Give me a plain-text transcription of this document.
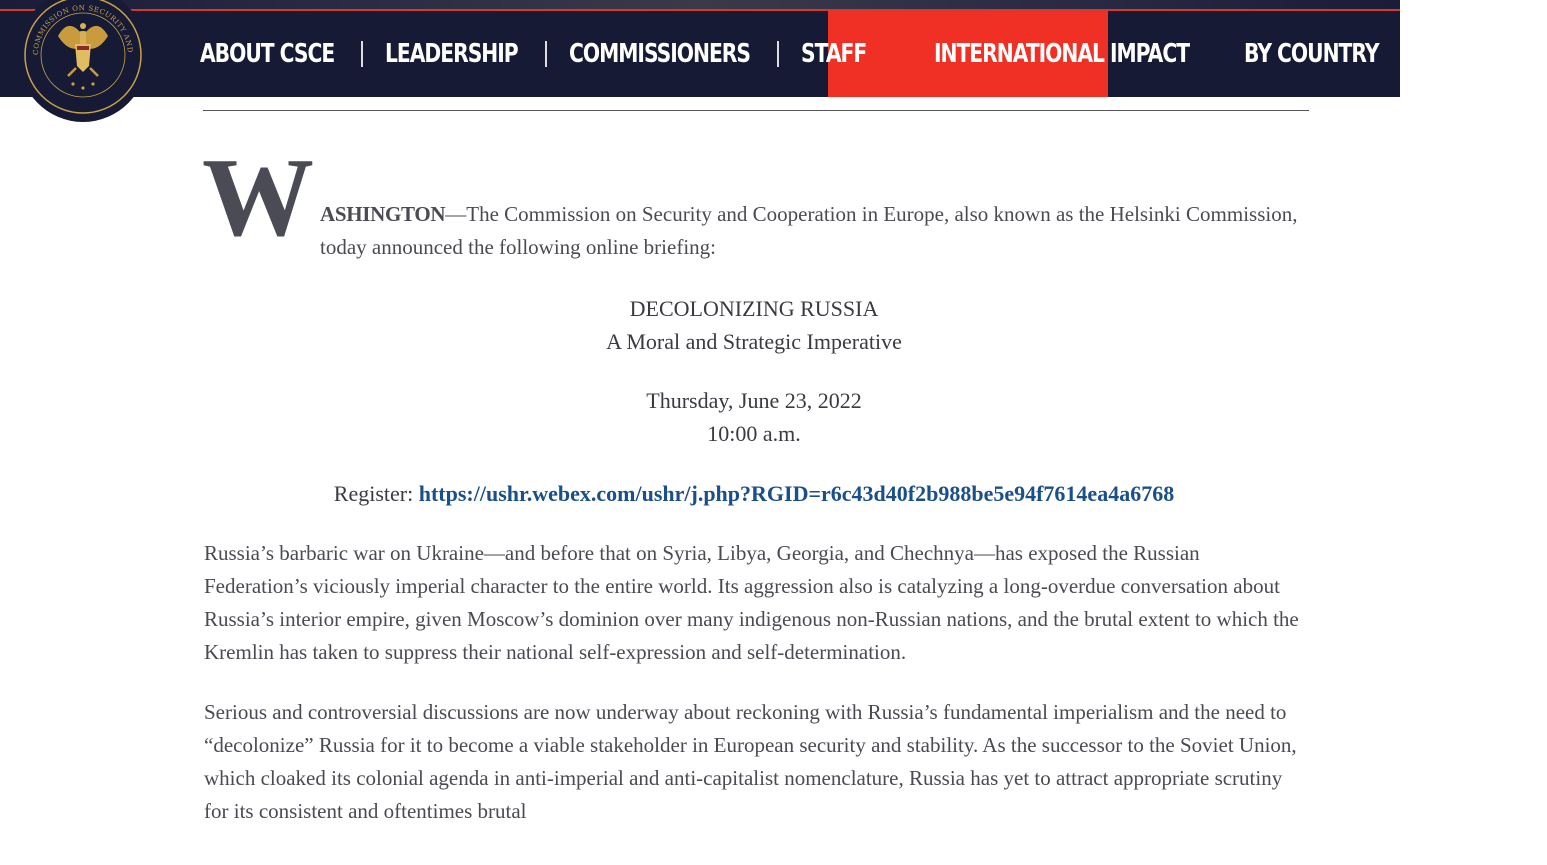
COMMISSION ON SECURITY AND	ABOUT CSCE LEADERSHIP COMMISSIONERS STAFF	INTERNATIONAL IMPACT BY COUNTRY BY ISSUE

W ASHINGTON—The Commission on Security and Cooperation in Europe, also known as the Helsinki Commission, today announced the following online briefing:

DECOLONIZING RUSSIA
A Moral and Strategic Imperative
Thursday, June 23, 2022
10:00 a.m.
Register: https://ushr.webex.com/ushr/j.php?RGID=r6c43d40f2b988be5e94f7614ea4a6768

Russia’s barbaric war on Ukraine—and before that on Syria, Libya, Georgia, and Chechnya—has exposed the Russian Federation’s viciously imperial character to the entire world. Its aggression also is catalyzing a long-overdue conversation about Russia’s interior empire, given Moscow’s dominion over many indigenous non-Russian nations, and the brutal extent to which the Kremlin has taken to suppress their national self-expression and self-determination.

Serious and controversial discussions are now underway about reckoning with Russia’s fundamental imperialism and the need to “decolonize” Russia for it to become a viable stakeholder in European security and stability. As the successor to the Soviet Union, which cloaked its colonial agenda in anti-imperial and anti-capitalist nomenclature, Russia has yet to attract appropriate scrutiny for its consistent and oftentimes brutal
